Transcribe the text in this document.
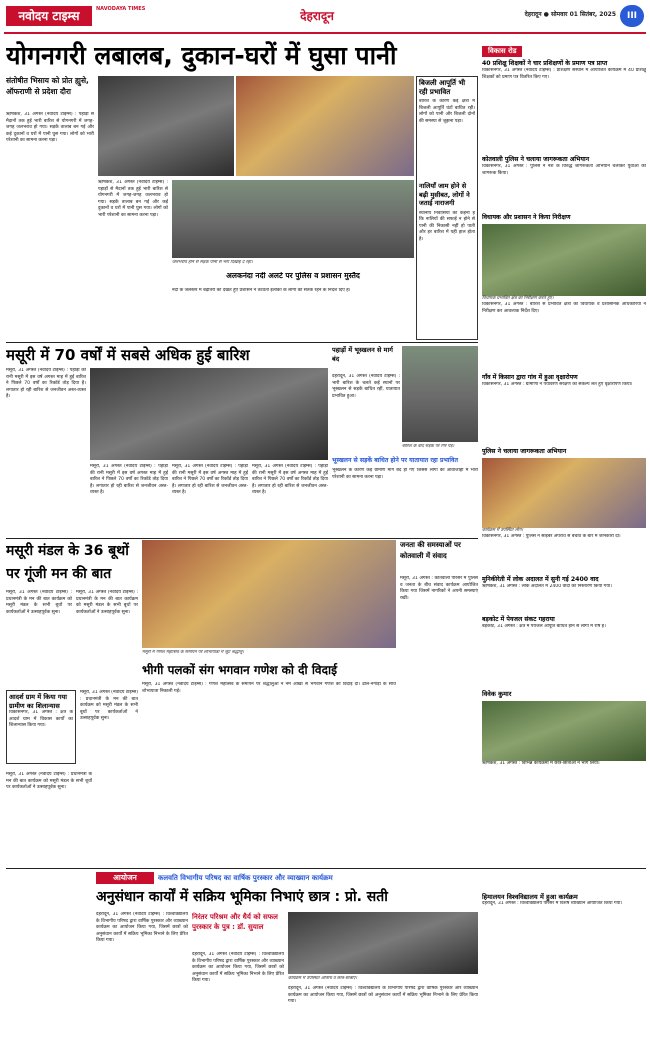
नवोदय टाइम्स	NAVODAYA TIMES	देहरादून	देहरादून ● सोमवार 01 सितंबर, 2025	III
योगनगरी लबालब, दुकान-घरों में घुसा पानी
संतोषीत भिसाय को प्रोत ह्युसे, ऑफराणी से प्रदेशा दौरा
ऋषिकेश, 31 अगस्त (नवोदय टाइम्स) : पहाड़ों से मैदानों तक हुई भारी बारिश से योगनगरी में जगह-जगह जलभराव हो गया। सड़कें तालाब बन गई और कई दुकानों व घरों में पानी घुस गया। लोगों को भारी परेशानी का सामना करना पड़ा।
ऋषिकेश, 31 अगस्त (नवोदय टाइम्स) : पहाड़ों से मैदानों तक हुई भारी बारिश से योगनगरी में जगह-जगह जलभराव हो गया। सड़कें तालाब बन गई और कई दुकानों व घरों में पानी घुस गया। लोगों को भारी परेशानी का सामना करना पड़ा।
जलभराव होने से सड़कें पानी से भरी दिखाई दे रहीं।
अलकनंदा नदी अलर्ट पर पुलिस व प्रशासन मुस्तैद
नदी के जलस्तर में बढ़ोतरी को देखते हुए प्रशासन ने तटवर्ती इलाकों के लोगों को सतर्क रहने के निर्देश दिए हैं।
बिजली आपूर्ति भी रही प्रभावित
बारिश के कारण कई क्षेत्रों में बिजली आपूर्ति घंटों बाधित रही। लोगों को पानी और बिजली दोनों की समस्या से जूझना पड़ा।
नालियाँ जाम होने से बढ़ी मुसीबत, लोगों ने जताई नाराजगी
स्थानीय निवासियों का कहना है कि नालियों की सफाई न होने से पानी की निकासी नहीं हो पाती और हर बारिश में यही हाल होता है।
विकास रोड
40 प्रशिक्षु शिक्षकों ने चार प्रशिक्षणों के प्रमाण पत्र प्राप्त
विकासनगर, 31 अगस्त (नवोदय टाइम्स) : प्रशिक्षण संस्थान में आयोजित कार्यक्रम में 40 प्रशिक्षु शिक्षकों को प्रमाण पत्र वितरित किए गए।
कोतवाली पुलिस ने चलाया जागरूकता अभियान
विकासनगर, 31 अगस्त : पुलिस ने नशे के विरुद्ध जागरूकता अभियान चलाकर युवाओं को जागरूक किया।
विधायक और प्रशासन ने किया निरीक्षण
विधायक प्रभावित क्षेत्र का निरीक्षण करते हुए।
विकासनगर, 31 अगस्त : बारिश से प्रभावित क्षेत्रों का विधायक व प्रशासनिक अधिकारियों ने निरीक्षण कर आवश्यक निर्देश दिए।
गाँव में किसान द्वारा गांव में हुआ वृक्षारोपण
विकासनगर, 31 अगस्त : ग्रामीणों ने पर्यावरण संरक्षण का संकल्प लेते हुए वृक्षारोपण किया।
पुलिस ने चलाया जागरूकता अभियान
कार्यक्रम में उपस्थित लोग।
विकासनगर, 31 अगस्त : पुलिस ने साइबर अपराध से बचाव के बारे में जानकारी दी।
मुनिकीरेती में लोक अदालत में सुनी गई 2400 वाद
ऋषिकेश, 31 अगस्त : लोक अदालत में 2400 वादों का निस्तारण किया गया।
बड़कोट में पेयजल संकट गहराया
बड़कोट, 31 अगस्त : क्षेत्र में पेयजल आपूर्ति बाधित होने से लोगों में रोष है।
मसूरी में 70 वर्षों में सबसे अधिक हुई बारिश
मसूरी, 31 अगस्त (नवोदय टाइम्स) : पहाड़ों की रानी मसूरी में इस वर्ष अगस्त माह में हुई बारिश ने पिछले 70 वर्षों का रिकॉर्ड तोड़ दिया है। लगातार हो रही बारिश से जनजीवन अस्त-व्यस्त है।
मसूरी, 31 अगस्त (नवोदय टाइम्स) : पहाड़ों की रानी मसूरी में इस वर्ष अगस्त माह में हुई बारिश ने पिछले 70 वर्षों का रिकॉर्ड तोड़ दिया है। लगातार हो रही बारिश से जनजीवन अस्त-व्यस्त है।
मसूरी, 31 अगस्त (नवोदय टाइम्स) : पहाड़ों की रानी मसूरी में इस वर्ष अगस्त माह में हुई बारिश ने पिछले 70 वर्षों का रिकॉर्ड तोड़ दिया है। लगातार हो रही बारिश से जनजीवन अस्त-व्यस्त है।
मसूरी, 31 अगस्त (नवोदय टाइम्स) : पहाड़ों की रानी मसूरी में इस वर्ष अगस्त माह में हुई बारिश ने पिछले 70 वर्षों का रिकॉर्ड तोड़ दिया है। लगातार हो रही बारिश से जनजीवन अस्त-व्यस्त है।
पहाड़ों में भूस्खलन से मार्ग बंद
देहरादून, 31 अगस्त (नवोदय टाइम्स) : भारी बारिश के चलते कई स्थानों पर भूस्खलन से सड़कें बाधित रहीं, यातायात प्रभावित हुआ।
बारिश के बाद सड़क पर गिरे पेड़।
भूस्खलन से सड़कें बाधित होने पर यातायात रहा प्रभावित
भूस्खलन के कारण कई ग्रामीण मार्ग बंद हो गए जिससे लोगों को आवाजाही में भारी परेशानी का सामना करना पड़ा।
मसूरी मंडल के 36 बूथों पर गूंजी मन की बात
मसूरी, 31 अगस्त (नवोदय टाइम्स) : प्रधानमंत्री के मन की बात कार्यक्रम को मसूरी मंडल के सभी बूथों पर कार्यकर्ताओं ने उत्साहपूर्वक सुना।
मसूरी, 31 अगस्त (नवोदय टाइम्स) : प्रधानमंत्री के मन की बात कार्यक्रम को मसूरी मंडल के सभी बूथों पर कार्यकर्ताओं ने उत्साहपूर्वक सुना।
मसूरी में गणेश महोत्सव के समापन पर शोभायात्रा में जुटे श्रद्धालु।
भीगी पलकों संग भगवान गणेश को दी विदाई
मसूरी, 31 अगस्त (नवोदय टाइम्स) : गणेश महोत्सव के समापन पर श्रद्धालुओं ने नम आंखों से भगवान गणेश को विदाई दी। ढोल-नगाड़ों के साथ शोभायात्रा निकाली गई।
जनता की समस्याओं पर कोतवाली में संवाद
मसूरी, 31 अगस्त : कोतवाली परिसर में पुलिस व जनता के बीच संवाद कार्यक्रम आयोजित किया गया जिसमें नागरिकों ने अपनी समस्याएं रखीं।
आदर्श ग्राम में किया गया ग्रामीण का शिलान्यास
विकासनगर, 31 अगस्त : क्षेत्र के आदर्श ग्राम में विकास कार्यों का शिलान्यास किया गया।
मसूरी, 31 अगस्त (नवोदय टाइम्स) : प्रधानमंत्री के मन की बात कार्यक्रम को मसूरी मंडल के सभी बूथों पर कार्यकर्ताओं ने उत्साहपूर्वक सुना।
आयोजन	कलवति विभागीय परिषद का वार्षिक पुरस्कार और व्याख्यान कार्यक्रम
अनुसंधान कार्यों में सक्रिय भूमिका निभाएं छात्र : प्रो. सती
मसूरी, 31 अगस्त (नवोदय टाइम्स) : प्रधानमंत्री के मन की बात कार्यक्रम को मसूरी मंडल के सभी बूथों पर कार्यकर्ताओं ने उत्साहपूर्वक सुना।
देहरादून, 31 अगस्त (नवोदय टाइम्स) : विश्वविद्यालय के विभागीय परिषद द्वारा वार्षिक पुरस्कार और व्याख्यान कार्यक्रम का आयोजन किया गया, जिसमें छात्रों को अनुसंधान कार्यों में सक्रिय भूमिका निभाने के लिए प्रेरित किया गया।
निरंतर परिश्रम और धैर्य को सफल पुरस्कार के पुत्र : डॉ. सुयाल
देहरादून, 31 अगस्त (नवोदय टाइम्स) : विश्वविद्यालय के विभागीय परिषद द्वारा वार्षिक पुरस्कार और व्याख्यान कार्यक्रम का आयोजन किया गया, जिसमें छात्रों को अनुसंधान कार्यों में सक्रिय भूमिका निभाने के लिए प्रेरित किया गया।	कार्यक्रम में उपस्थित अतिथि व छात्र-छात्राएं।
देहरादून, 31 अगस्त (नवोदय टाइम्स) : विश्वविद्यालय के विभागीय परिषद द्वारा वार्षिक पुरस्कार और व्याख्यान कार्यक्रम का आयोजन किया गया, जिसमें छात्रों को अनुसंधान कार्यों में सक्रिय भूमिका निभाने के लिए प्रेरित किया गया।
विवेक कुमार
ऋषिकेश, 31 अगस्त : विभिन्न कार्यक्रमों में छात्र-छात्राओं ने भाग लिया।
हिमालयन विश्वविद्यालय में हुआ कार्यक्रम
देहरादून, 31 अगस्त : विश्वविद्यालय परिसर में विशेष व्याख्यान आयोजित किया गया।
